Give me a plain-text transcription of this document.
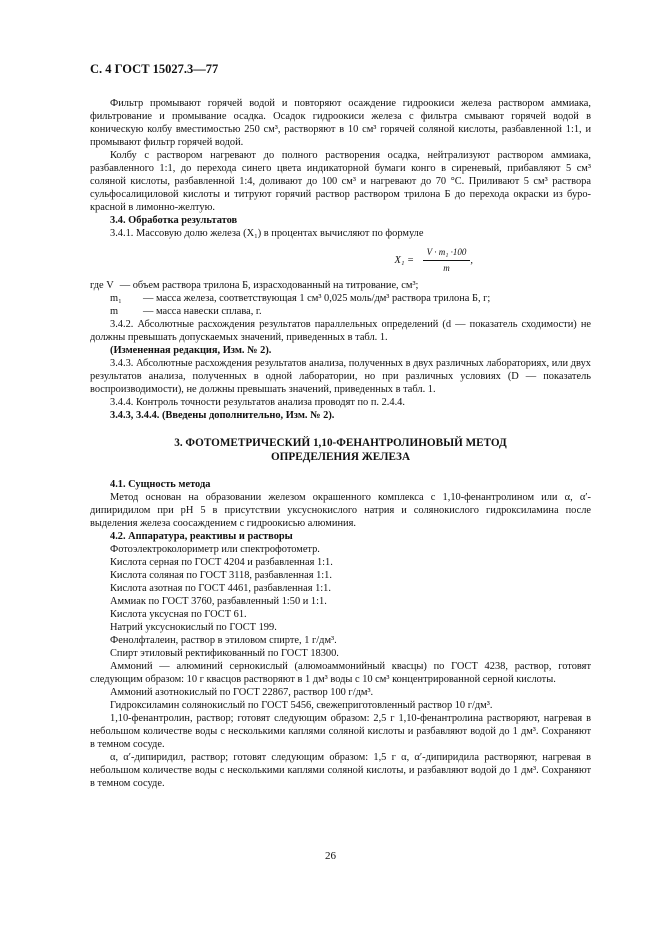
С. 4 ГОСТ 15027.3—77

Фильтр промывают горячей водой и повторяют осаждение гидроокиси железа раствором аммиака, фильтрование и промывание осадка. Осадок гидроокиси железа с фильтра смывают горячей водой в коническую колбу вместимостью 250 см³, растворяют в 10 см³ горячей соляной кислоты, разбавленной 1:1, и промывают фильтр горячей водой.

Колбу с раствором нагревают до полного растворения осадка, нейтрализуют раствором аммиака, разбавленного 1:1, до перехода синего цвета индикаторной бумаги конго в сиреневый, прибавляют 5 см³ соляной кислоты, разбавленной 1:4, доливают до 100 см³ и нагревают до 70 °С. Приливают 5 см³ раствора сульфосалициловой кислоты и титруют горячий раствор раствором трилона Б до перехода окраски из буро-красной в лимонно-желтую.

3.4. Обработка результатов

3.4.1. Массовую долю железа (X₁) в процентах вычисляют по формуле

$X_1 = \frac{\text{V · m₁ ·100}}{m}$ ,
где V — объем раствора трилона Б, израсходованный на титрование, см³;
m₁ — масса железа, соответствующая 1 см³ 0,025 моль/дм³ раствора трилона Б, г;
m — масса навески сплава, г.

3.4.2. Абсолютные расхождения результатов параллельных определений (d — показатель сходимости) не должны превышать допускаемых значений, приведенных в табл. 1.

(Измененная редакция, Изм. № 2).

3.4.3. Абсолютные расхождения результатов анализа, полученных в двух различных лабораториях, или двух результатов анализа, полученных в одной лаборатории, но при различных условиях (D — показатель воспроизводимости), не должны превышать значений, приведенных в табл. 1.

3.4.4. Контроль точности результатов анализа проводят по п. 2.4.4.

3.4.3, 3.4.4. (Введены дополнительно, Изм. № 2).

3. ФОТОМЕТРИЧЕСКИЙ 1,10-ФЕНАНТРОЛИНОВЫЙ МЕТОД
ОПРЕДЕЛЕНИЯ ЖЕЛЕЗА

4.1. Сущность метода

Метод основан на образовании железом окрашенного комплекса с 1,10-фенантролином или α, α′-дипиридилом при рН 5 в присутствии уксуснокислого натрия и солянокислого гидроксиламина после выделения железа соосаждением с гидроокисью алюминия.

4.2. Аппаратура, реактивы и растворы

Фотоэлектроколориметр или спектрофотометр.

Кислота серная по ГОСТ 4204 и разбавленная 1:1.

Кислота соляная по ГОСТ 3118, разбавленная 1:1.

Кислота азотная по ГОСТ 4461, разбавленная 1:1.

Аммиак по ГОСТ 3760, разбавленный 1:50 и 1:1.

Кислота уксусная по ГОСТ 61.

Натрий уксуснокислый по ГОСТ 199.

Фенолфталеин, раствор в этиловом спирте, 1 г/дм³.

Спирт этиловый ректификованный по ГОСТ 18300.

Аммоний — алюминий сернокислый (алюмоаммонийный квасцы) по ГОСТ 4238, раствор, готовят следующим образом: 10 г квасцов растворяют в 1 дм³ воды с 10 см³ концентрированной серной кислоты.

Аммоний азотнокислый по ГОСТ 22867, раствор 100 г/дм³.

Гидроксиламин солянокислый по ГОСТ 5456, свежеприготовленный раствор 10 г/дм³.

1,10-фенантролин, раствор; готовят следующим образом: 2,5 г 1,10-фенантролина растворяют, нагревая в небольшом количестве воды с несколькими каплями соляной кислоты и разбавляют водой до 1 дм³. Сохраняют в темном сосуде.

α, α′-дипиридил, раствор; готовят следующим образом: 1,5 г α, α′-дипиридила растворяют, нагревая в небольшом количестве воды с несколькими каплями соляной кислоты, и разбавляют водой до 1 дм³. Сохраняют в темном сосуде.

26
